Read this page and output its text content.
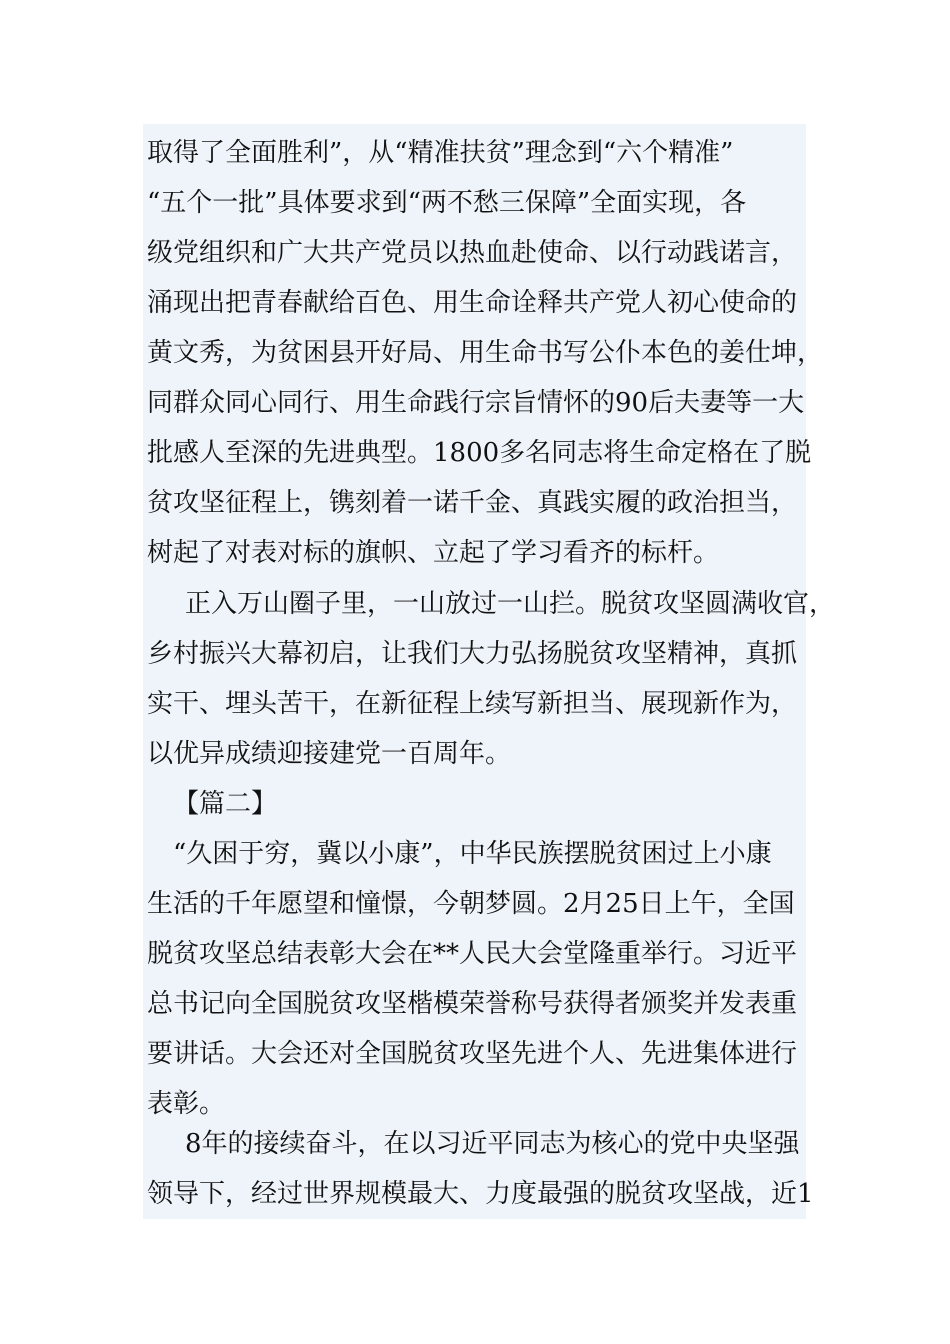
取得了全面胜利”，从“精准扶贫”理念到“六个精准”
“五个一批”具体要求到“两不愁三保障”全面实现，各
级党组织和广大共产党员以热血赴使命、以行动践诺言，
涌现出把青春献给百色、用生命诠释共产党人初心使命的
黄文秀，为贫困县开好局、用生命书写公仆本色的姜仕坤，
同群众同心同行、用生命践行宗旨情怀的90后夫妻等一大
批感人至深的先进典型。1800多名同志将生命定格在了脱
贫攻坚征程上，镌刻着一诺千金、真践实履的政治担当，
树起了对表对标的旗帜、立起了学习看齐的标杆。
正入万山圈子里，一山放过一山拦。脱贫攻坚圆满收官，
乡村振兴大幕初启，让我们大力弘扬脱贫攻坚精神，真抓
实干、埋头苦干，在新征程上续写新担当、展现新作为，
以优异成绩迎接建党一百周年。
【篇二】
“久困于穷，冀以小康”，中华民族摆脱贫困过上小康
生活的千年愿望和憧憬，今朝梦圆。2月25日上午，全国
脱贫攻坚总结表彰大会在**人民大会堂隆重举行。习近平
总书记向全国脱贫攻坚楷模荣誉称号获得者颁奖并发表重
要讲话。大会还对全国脱贫攻坚先进个人、先进集体进行
表彰。
8年的接续奋斗，在以习近平同志为核心的党中央坚强
领导下，经过世界规模最大、力度最强的脱贫攻坚战，近1
